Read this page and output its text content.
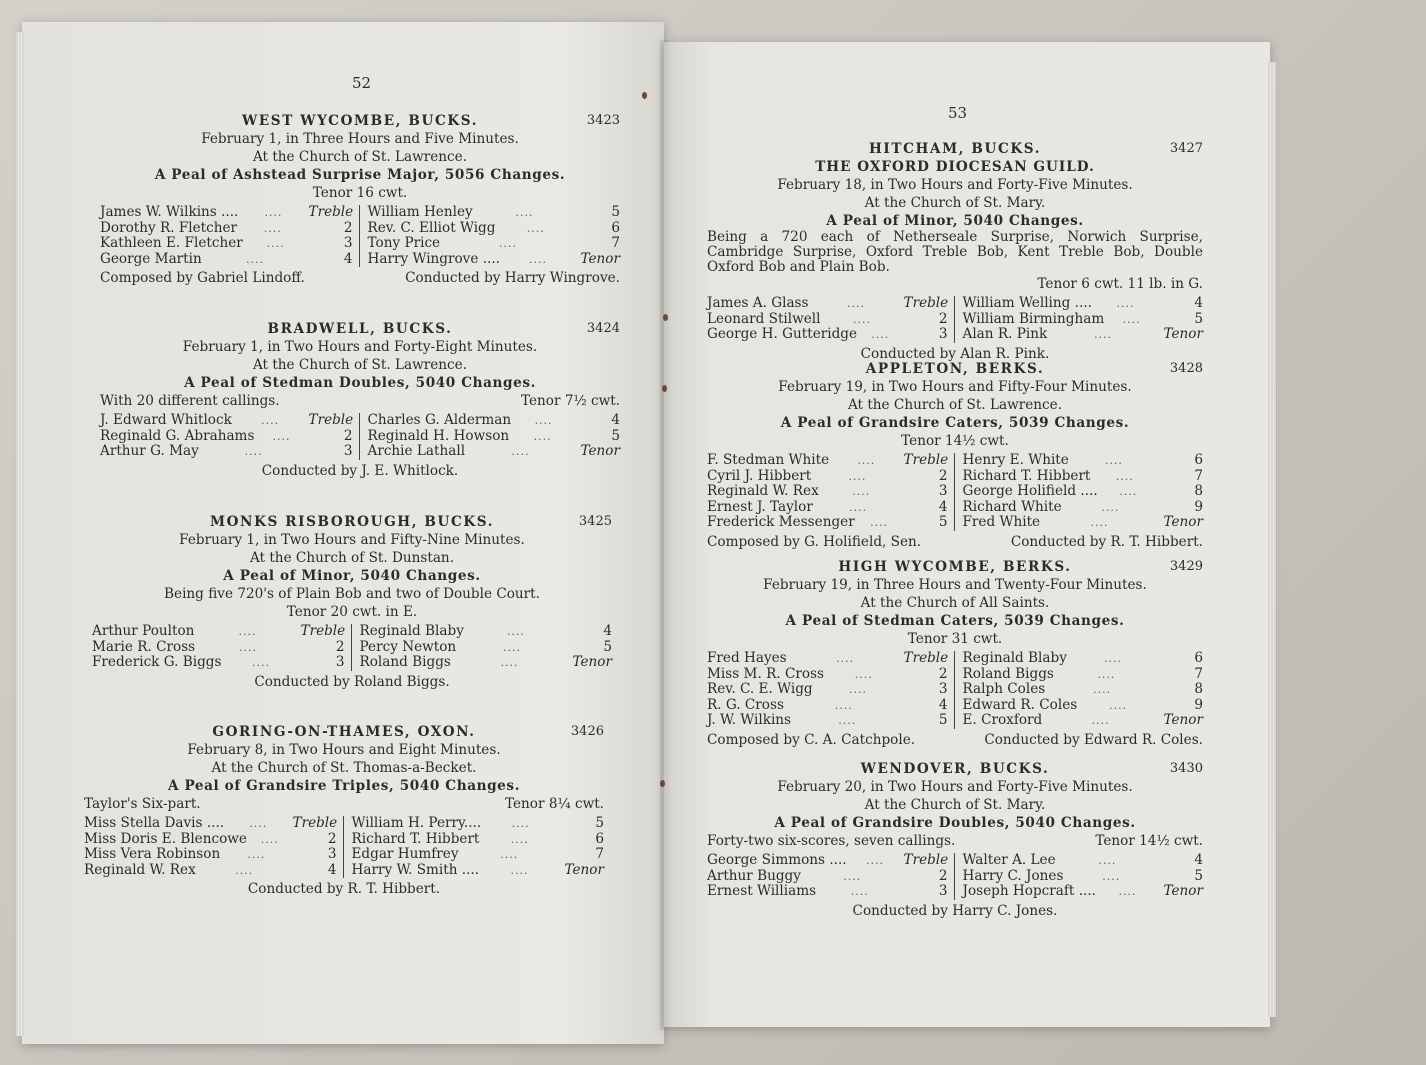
52
53
WEST WYCOMBE, BUCKS.	3423
February 1, in Three Hours and Five Minutes.
At the Church of St. Lawrence.
A Peal of Ashstead Surprise Major, 5056 Changes.
Tenor 16 cwt.
James W. Wilkins ....	....	Treble
Dorothy R. Fletcher	....	2
Kathleen E. Fletcher	....	3
George Martin	....	4
William Henley	....	5
Rev. C. Elliot Wigg	....	6
Tony Price	....	7
Harry Wingrove ....	....	Tenor
Composed by Gabriel Lindoff.	Conducted by Harry Wingrove.
BRADWELL, BUCKS.	3424
February 1, in Two Hours and Forty-Eight Minutes.
At the Church of St. Lawrence.
A Peal of Stedman Doubles, 5040 Changes.
With 20 different callings.	Tenor 7½ cwt.
J. Edward Whitlock	....	Treble
Reginald G. Abrahams	....	2
Arthur G. May	....	3
Charles G. Alderman	....	4
Reginald H. Howson	....	5
Archie Lathall	....	Tenor
Conducted by J. E. Whitlock.
MONKS RISBOROUGH, BUCKS.	3425
February 1, in Two Hours and Fifty-Nine Minutes.
At the Church of St. Dunstan.
A Peal of Minor, 5040 Changes.
Being five 720's of Plain Bob and two of Double Court.
Tenor 20 cwt. in E.
Arthur Poulton	....	Treble
Marie R. Cross	....	2
Frederick G. Biggs	....	3
Reginald Blaby	....	4
Percy Newton	....	5
Roland Biggs	....	Tenor
Conducted by Roland Biggs.
GORING-ON-THAMES, OXON.	3426
February 8, in Two Hours and Eight Minutes.
At the Church of St. Thomas-a-Becket.
A Peal of Grandsire Triples, 5040 Changes.
Taylor's Six-part.	Tenor 8¼ cwt.
Miss Stella Davis ....	....	Treble
Miss Doris E. Blencowe	....	2
Miss Vera Robinson	....	3
Reginald W. Rex	....	4
William H. Perry....	....	5
Richard T. Hibbert	....	6
Edgar Humfrey	....	7
Harry W. Smith ....	....	Tenor
Conducted by R. T. Hibbert.
HITCHAM, BUCKS.	3427
THE OXFORD DIOCESAN GUILD.
February 18, in Two Hours and Forty-Five Minutes.
At the Church of St. Mary.
A Peal of Minor, 5040 Changes.
Being a 720 each of Netherseale Surprise, Norwich Surprise, Cambridge Surprise, Oxford Treble Bob, Kent Treble Bob, Double Oxford Bob and Plain Bob.
Tenor 6 cwt. 11 lb. in G.
James A. Glass	....	Treble
Leonard Stilwell	....	2
George H. Gutteridge	....	3
William Welling ....	....	4
William Birmingham	....	5
Alan R. Pink	....	Tenor
Conducted by Alan R. Pink.
APPLETON, BERKS.	3428
February 19, in Two Hours and Fifty-Four Minutes.
At the Church of St. Lawrence.
A Peal of Grandsire Caters, 5039 Changes.
Tenor 14½ cwt.
F. Stedman White	....	Treble
Cyril J. Hibbert	....	2
Reginald W. Rex	....	3
Ernest J. Taylor	....	4
Frederick Messenger	....	5
Henry E. White	....	6
Richard T. Hibbert	....	7
George Holifield ....	....	8
Richard White	....	9
Fred White	....	Tenor
Composed by G. Holifield, Sen.	Conducted by R. T. Hibbert.
HIGH WYCOMBE, BERKS.	3429
February 19, in Three Hours and Twenty-Four Minutes.
At the Church of All Saints.
A Peal of Stedman Caters, 5039 Changes.
Tenor 31 cwt.
Fred Hayes	....	Treble
Miss M. R. Cross	....	2
Rev. C. E. Wigg	....	3
R. G. Cross	....	4
J. W. Wilkins	....	5
Reginald Blaby	....	6
Roland Biggs	....	7
Ralph Coles	....	8
Edward R. Coles	....	9
E. Croxford	....	Tenor
Composed by C. A. Catchpole.	Conducted by Edward R. Coles.
WENDOVER, BUCKS.	3430
February 20, in Two Hours and Forty-Five Minutes.
At the Church of St. Mary.
A Peal of Grandsire Doubles, 5040 Changes.
Forty-two six-scores, seven callings.	Tenor 14½ cwt.
George Simmons ....	....	Treble
Arthur Buggy	....	2
Ernest Williams	....	3
Walter A. Lee	....	4
Harry C. Jones	....	5
Joseph Hopcraft ....	....	Tenor
Conducted by Harry C. Jones.
